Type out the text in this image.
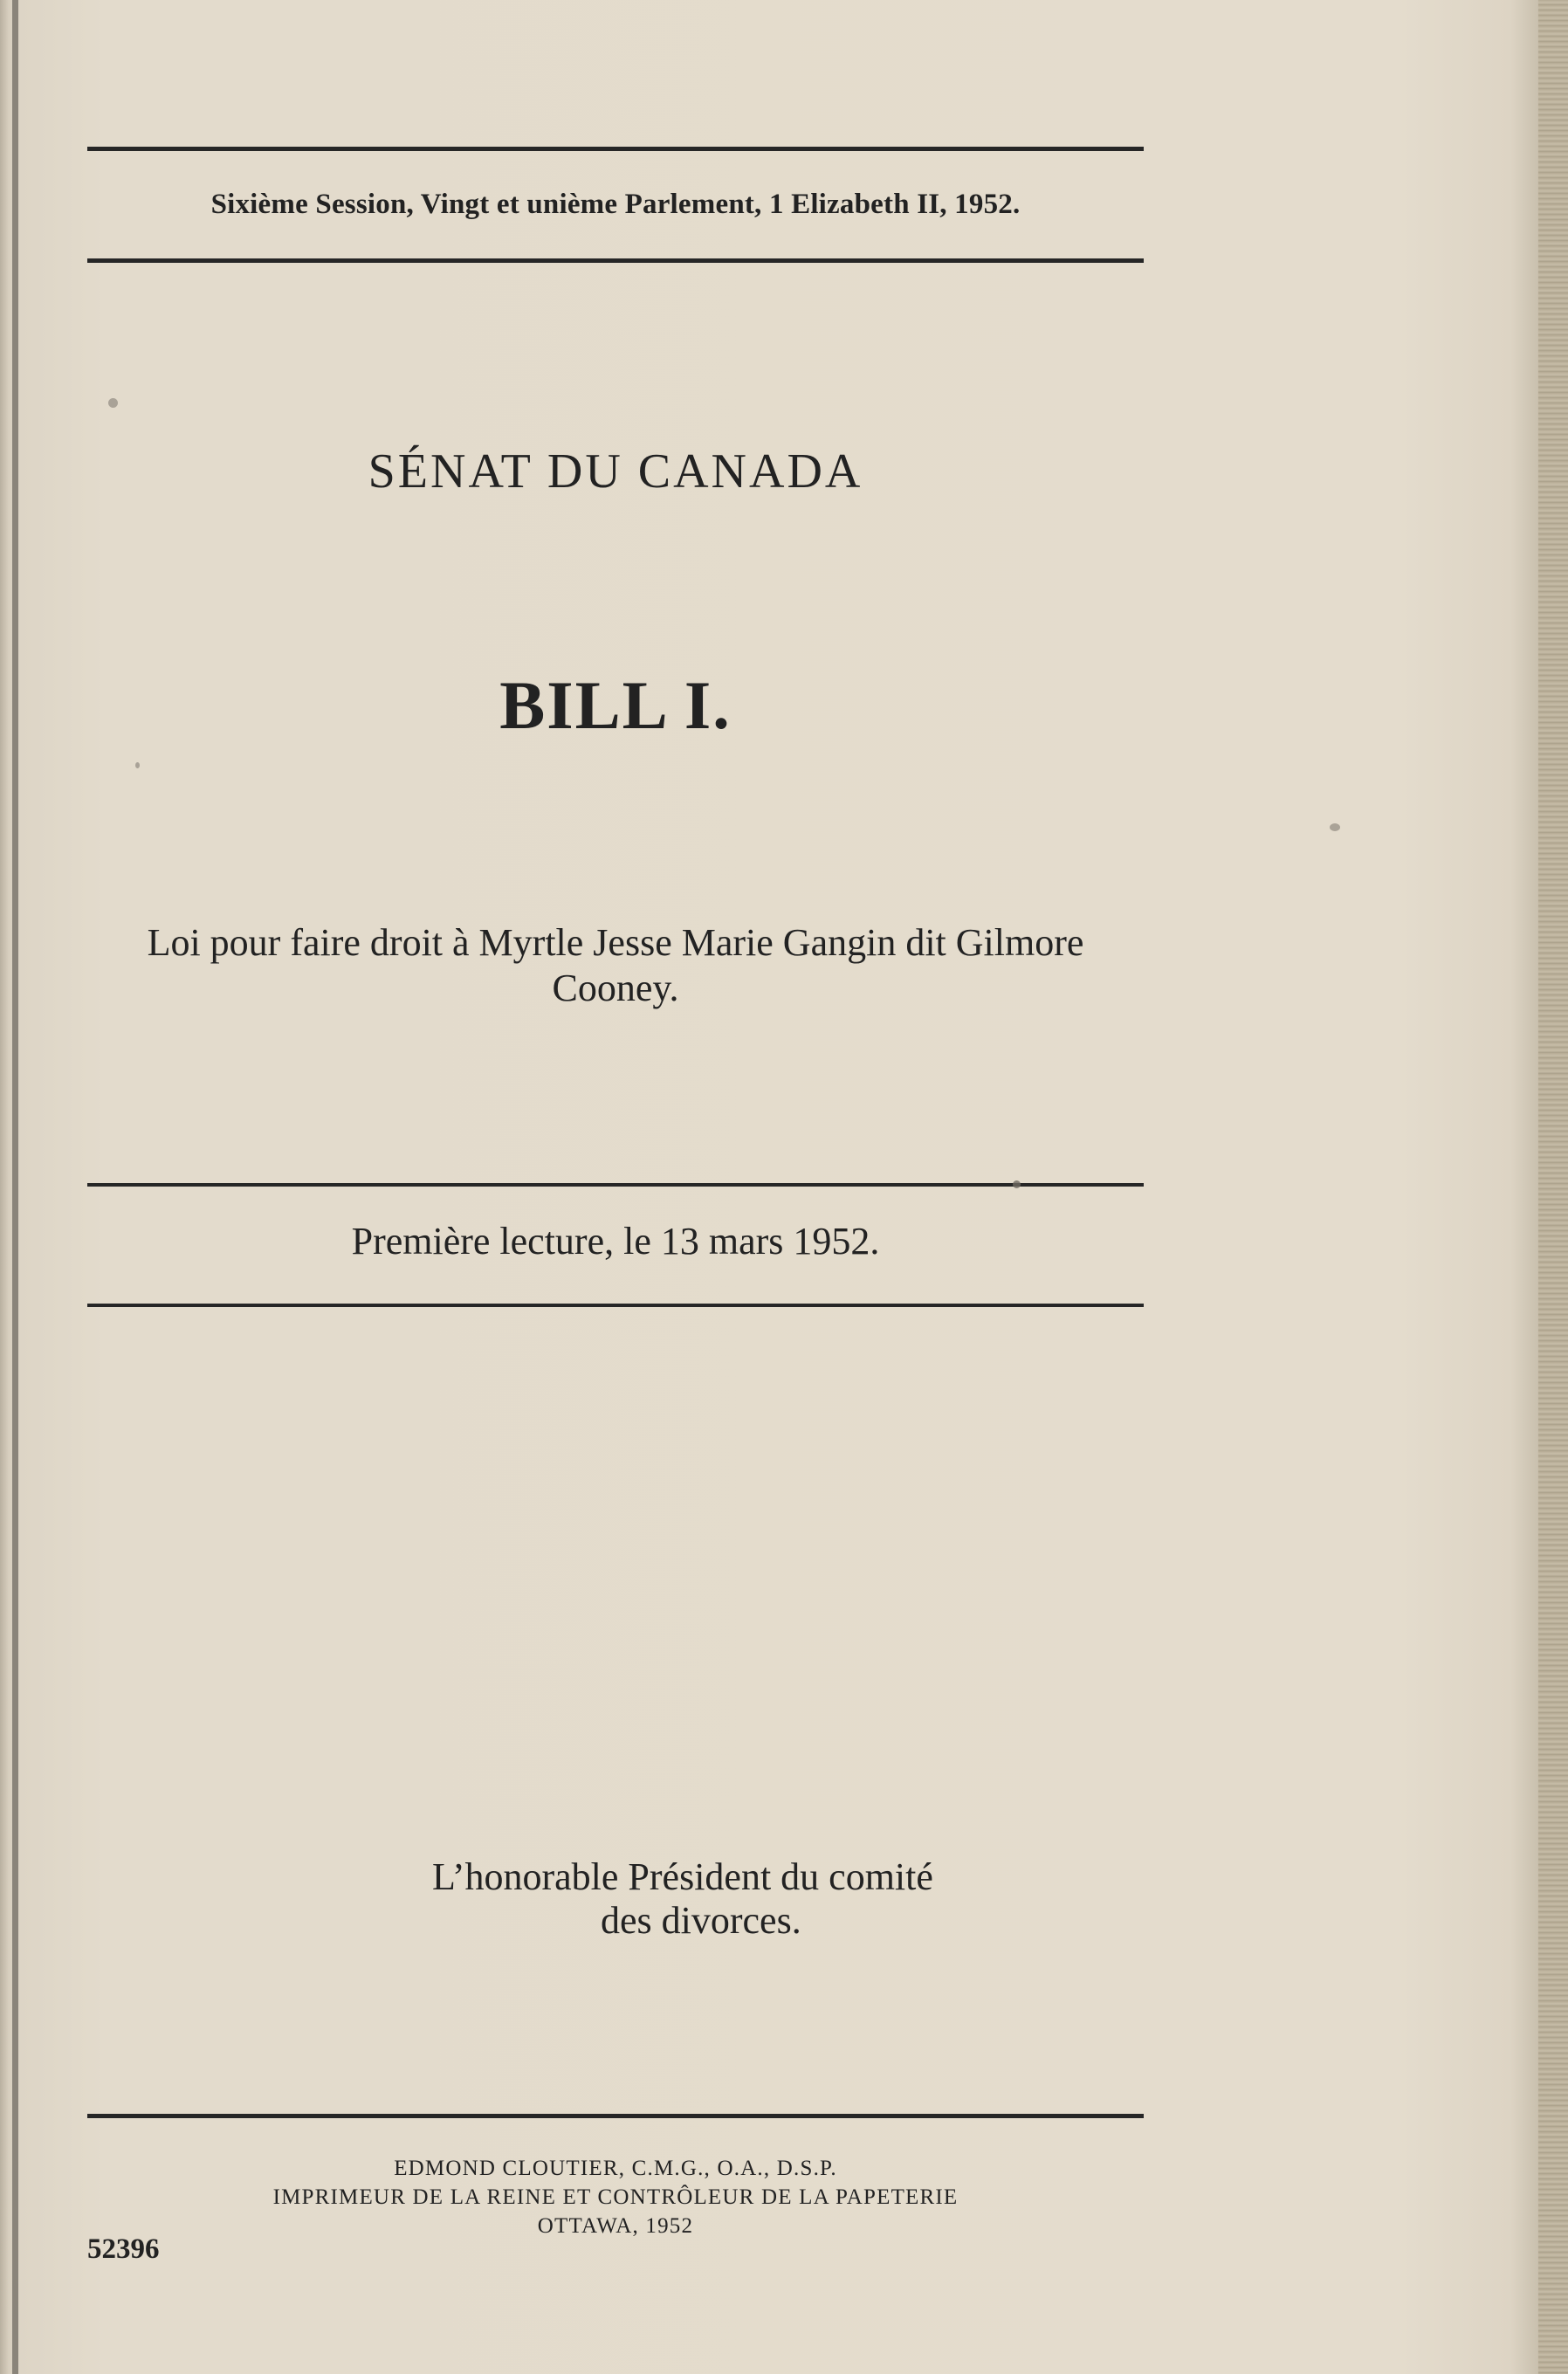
Sixième Session, Vingt et unième Parlement, 1 Elizabeth II, 1952.
SÉNAT DU CANADA
BILL I.
Loi pour faire droit à Myrtle Jesse Marie Gangin dit Gilmore
Cooney.
Première lecture, le 13 mars 1952.
L’honorable Président du comité
des divorces.
EDMOND CLOUTIER, C.M.G., O.A., D.S.P.
IMPRIMEUR DE LA REINE ET CONTRÔLEUR DE LA PAPETERIE
OTTAWA, 1952
52396
